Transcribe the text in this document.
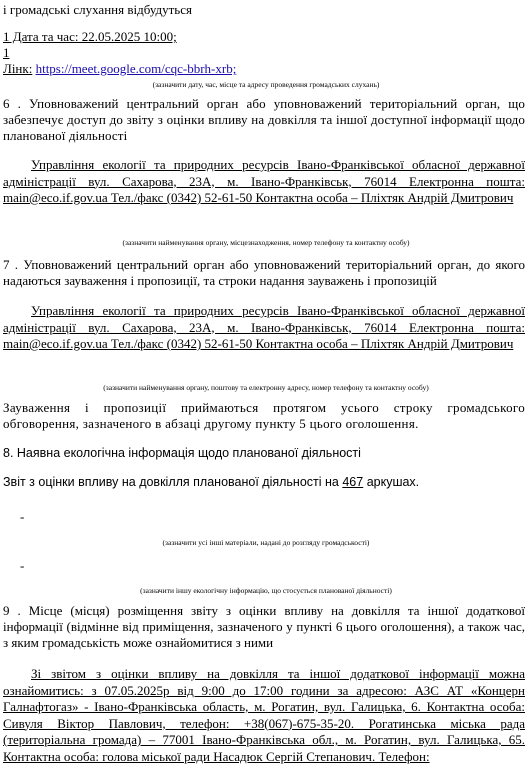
і громадські слухання відбудуться

1 Дата та час: 22.05.2025 10:00;

1

Лінк: https://meet.google.com/cqc-bbrh-xrb;

(зазначити дату, час, місце та адресу проведення громадських слухань)

6 . Уповноважений центральний орган або уповноважений територіальний орган, що забезпечує доступ до звіту з оцінки впливу на довкілля та іншої доступної інформації щодо планованої діяльності

Управління екології та природних ресурсів Івано-Франківської обласної державної адміністрації вул. Сахарова, 23А, м. Івано-Франківськ, 76014 Електронна пошта: main@eco.if.gov.ua Тел./факс (0342) 52-61-50 Контактна особа – Пліхтяк Андрій Дмитрович

(зазначити найменування органу, місцезнаходження, номер телефону та контактну особу)

7 . Уповноважений центральний орган або уповноважений територіальний орган, до якого надаються зауваження і пропозиції, та строки надання зауважень і пропозицій

Управління екології та природних ресурсів Івано-Франківської обласної державної адміністрації вул. Сахарова, 23А, м. Івано-Франківськ, 76014 Електронна пошта: main@eco.if.gov.ua Тел./факс (0342) 52-61-50 Контактна особа – Пліхтяк Андрій Дмитрович

(зазначити найменування органу, поштову та електронну адресу, номер телефону та контактну особу)

Зауваження і пропозиції приймаються протягом усього строку громадського обговорення, зазначеного в абзаці другому пункту 5 цього оголошення.

8. Наявна екологічна інформація щодо планованої діяльності

Звіт з оцінки впливу на довкілля планованої діяльності на 467 аркушах.

-

(зазначити усі інші матеріали, надані до розгляду громадськості)

-

(зазначити іншу екологічну інформацію, що стосується планованої діяльності)

9 . Місце (місця) розміщення звіту з оцінки впливу на довкілля та іншої додаткової інформації (відмінне від приміщення, зазначеного у пункті 6 цього оголошення), а також час, з яким громадськість може ознайомитися з ними

Зі звітом з оцінки впливу на довкілля та іншої додаткової інформації можна ознайомитись: з 07.05.2025р від 9:00 до 17:00 години за адресою: АЗС АТ «Концерн Галнафтогаз» - Івано-Франківська область, м. Рогатин, вул. Галицька, 6. Контактна особа: Сивуля Віктор Павлович, телефон: +38(067)-675-35-20. Рогатинська міська рада (територіальна громада) – 77001 Івано-Франківська обл., м. Рогатин, вул. Галицька, 65. Контактна особа: голова міської ради Насадюк Сергій Степанович. Телефон:
